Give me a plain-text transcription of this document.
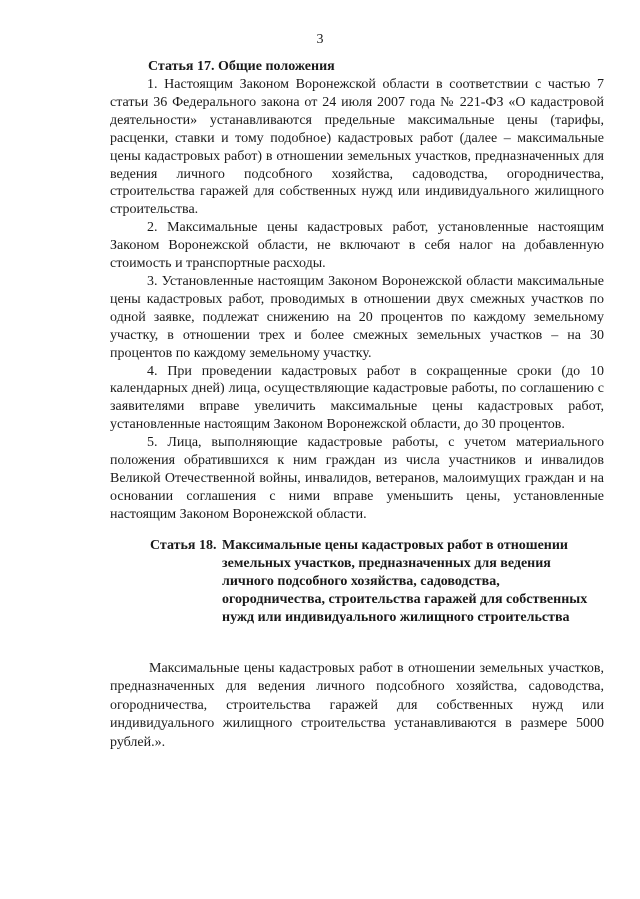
3
Статья 17. Общие положения

1. Настоящим Законом Воронежской области в соответствии с частью 7 статьи 36 Федерального закона от 24 июля 2007 года № 221-ФЗ «О кадастровой деятельности» устанавливаются предельные максимальные цены (тарифы, расценки, ставки и тому подобное) кадастровых работ (далее – максимальные цены кадастровых работ) в отношении земельных участков, предназначенных для ведения личного подсобного хозяйства, садоводства, огородничества, строительства гаражей для собственных нужд или индивидуального жилищного строительства.

2. Максимальные цены кадастровых работ, установленные настоящим Законом Воронежской области, не включают в себя налог на добавленную стоимость и транспортные расходы.

3. Установленные настоящим Законом Воронежской области максимальные цены кадастровых работ, проводимых в отношении двух смежных участков по одной заявке, подлежат снижению на 20 процентов по каждому земельному участку, в отношении трех и более смежных земельных участков – на 30 процентов по каждому земельному участку.

4. При проведении кадастровых работ в сокращенные сроки (до 10 календарных дней) лица, осуществляющие кадастровые работы, по соглашению с заявителями вправе увеличить максимальные цены кадастровых работ, установленные настоящим Законом Воронежской области, до 30 процентов.

5. Лица, выполняющие кадастровые работы, с учетом материального положения обратившихся к ним граждан из числа участников и инвалидов Великой Отечественной войны, инвалидов, ветеранов, малоимущих граждан и на основании соглашения с ними вправе уменьшить цены, установленные настоящим Законом Воронежской области.

Статья 18. Максимальные цены кадастровых работ в отношении земельных участков, предназначенных для ведения личного подсобного хозяйства, садоводства, огородничества, строительства гаражей для собственных нужд или индивидуального жилищного строительства

Максимальные цены кадастровых работ в отношении земельных участков, предназначенных для ведения личного подсобного хозяйства, садоводства, огородничества, строительства гаражей для собственных нужд или индивидуального жилищного строительства устанавливаются в размере 5000 рублей.».
